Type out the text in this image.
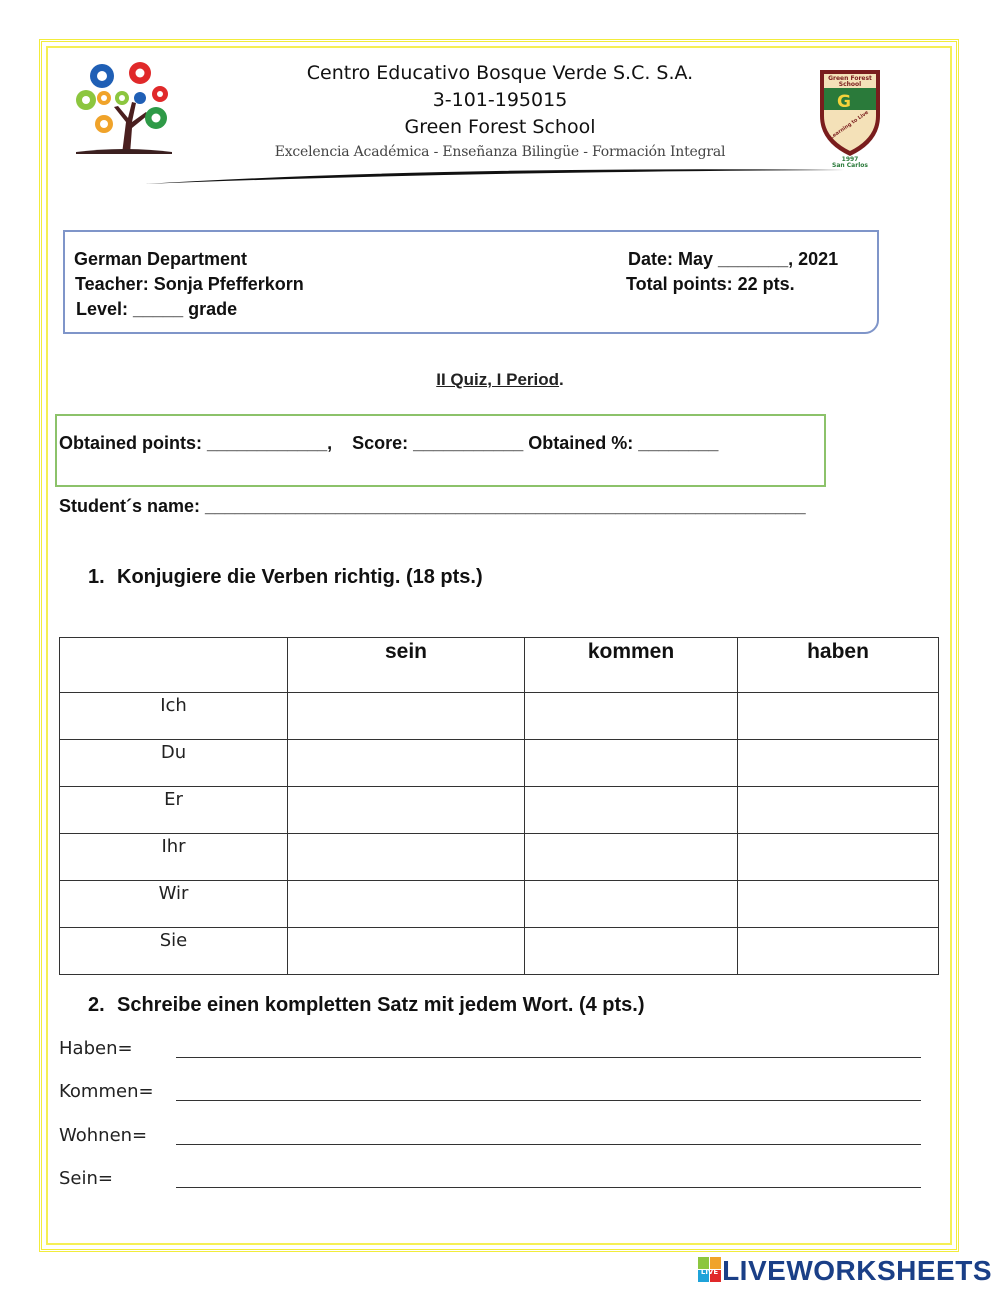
Centro Educativo Bosque Verde S.C. S.A.
3-101-195015
Green Forest School
Excelencia Académica - Enseñanza Bilingüe - Formación Integral
Green Forest
School
G
Learning to Live
1997
San Carlos
German Department
Teacher: Sonja Pfefferkorn
Level: _____ grade
Date: May _______, 2021
Total points: 22 pts.
II Quiz, I Period.
Obtained points: ____________,    Score: ___________ Obtained %: ________
Student´s name: ____________________________________________________________
1. Konjugiere die Verben richtig. (18 pts.)
	sein	kommen	haben
Ich			
Du			
Er			
Ihr			
Wir			
Sie			
2. Schreibe einen kompletten Satz mit jedem Wort. (4 pts.)
Haben=
Kommen=
Wohnen=
Sein=
LIVE LIVEWORKSHEETS
